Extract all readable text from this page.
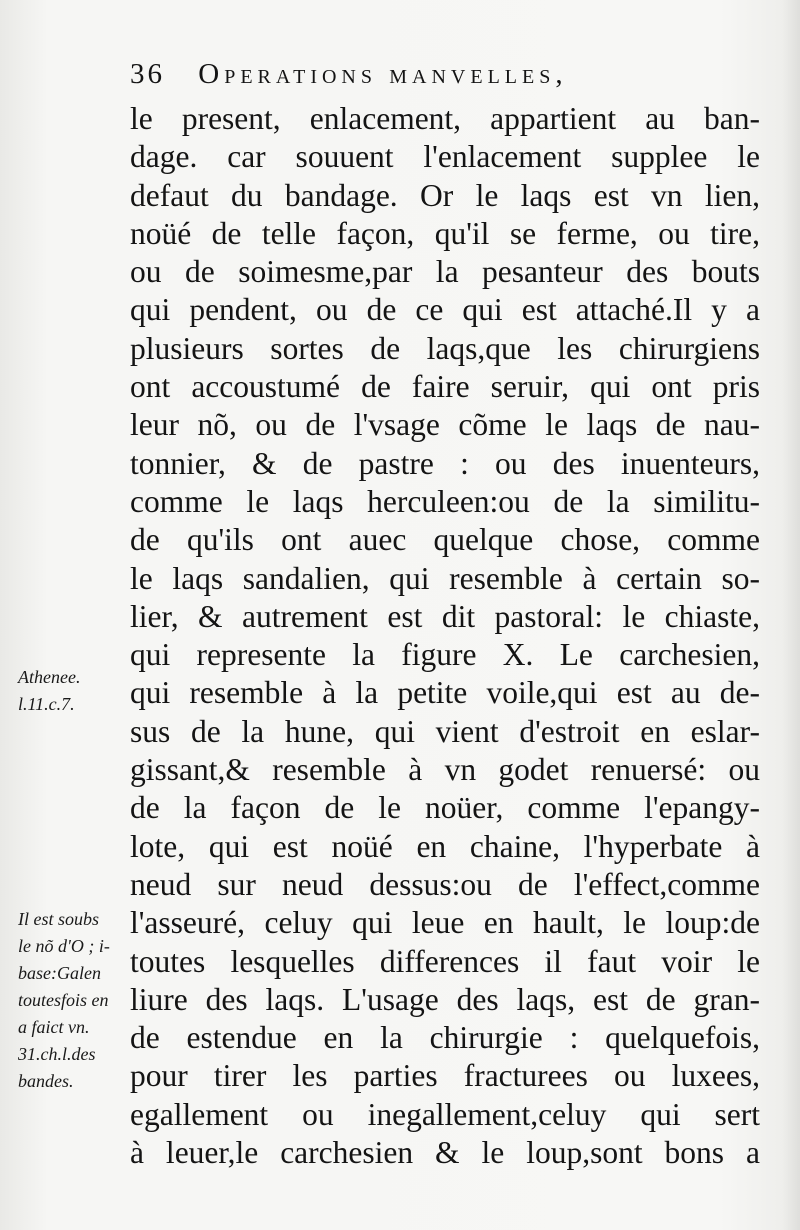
36 Operations manvelles,
le present, enlacement, appartient au ban-
dage. car souuent l'enlacement supplee le
defaut du bandage. Or le laqs est vn lien,
noüé de telle façon, qu'il se ferme, ou tire,
ou de soimesme,par la pesanteur des bouts
qui pendent, ou de ce qui est attaché.Il y a
plusieurs sortes de laqs,que les chirurgiens
ont accoustumé de faire seruir, qui ont pris
leur nõ, ou de l'vsage cõme le laqs de nau-
tonnier, & de pastre : ou des inuenteurs,
comme le laqs herculeen:ou de la similitu-
de qu'ils ont auec quelque chose, comme
le laqs sandalien, qui resemble à certain so-
lier, & autrement est dit pastoral: le chiaste,
qui represente la figure X. Le carchesien,
qui resemble à la petite voile,qui est au de-
sus de la hune, qui vient d'estroit en eslar-
gissant,& resemble à vn godet renuersé: ou
de la façon de le noüer, comme l'epangy-
lote, qui est noüé en chaine, l'hyperbate à
neud sur neud dessus:ou de l'effect,comme
l'asseuré, celuy qui leue en hault, le loup:de
toutes lesquelles differences il faut voir le
liure des laqs. L'usage des laqs, est de gran-
de estendue en la chirurgie : quelquefois,
pour tirer les parties fracturees ou luxees,
egallement ou inegallement,celuy qui sert
à leuer,le carchesien & le loup,sont bons a
Athenee.
l.11.c.7.
Il est soubs
le nõ d'O ; i-
base:Galen
toutesfois en
a faict vn.
31.ch.l.des
bandes.
